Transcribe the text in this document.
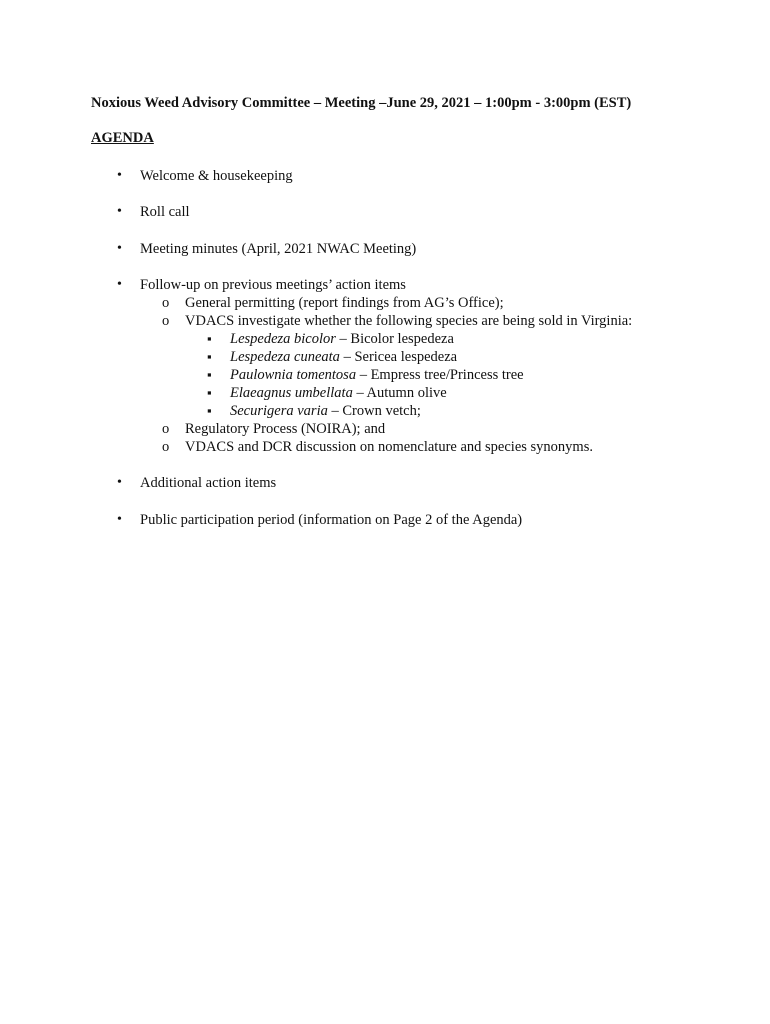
Noxious Weed Advisory Committee – Meeting –June 29, 2021 – 1:00pm - 3:00pm (EST)
AGENDA
• Welcome & housekeeping
• Roll call
• Meeting minutes (April, 2021 NWAC Meeting)
• Follow-up on previous meetings’ action items
o General permitting (report findings from AG’s Office);
o VDACS investigate whether the following species are being sold in Virginia:
▪ Lespedeza bicolor – Bicolor lespedeza
▪ Lespedeza cuneata – Sericea lespedeza
▪ Paulownia tomentosa – Empress tree/Princess tree
▪ Elaeagnus umbellata – Autumn olive
▪ Securigera varia – Crown vetch;
o Regulatory Process (NOIRA); and
o VDACS and DCR discussion on nomenclature and species synonyms.
• Additional action items
• Public participation period (information on Page 2 of the Agenda)
